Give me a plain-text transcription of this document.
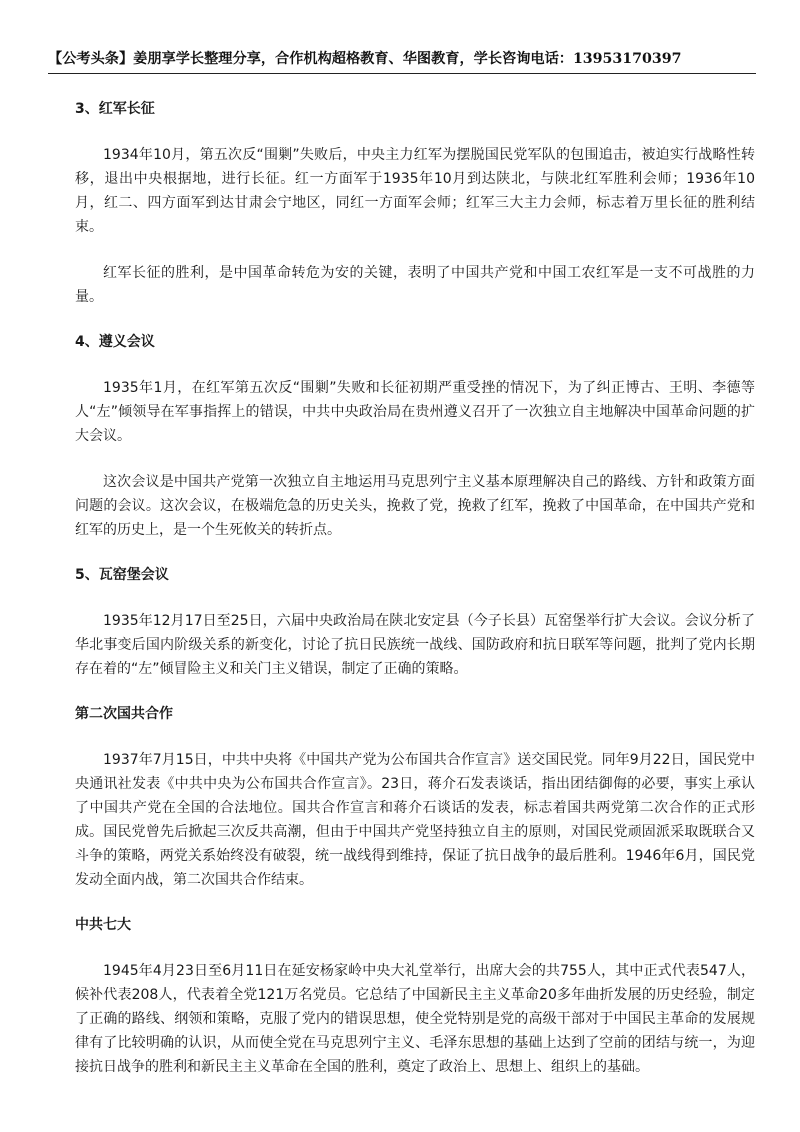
【公考头条】姜朋享学长整理分享，合作机构超格教育、华图教育，学长咨询电话：13953170397
3、红军长征

1934年10月，第五次反“围剿”失败后，中央主力红军为摆脱国民党军队的包围追击，被迫实行战略性转移，退出中央根据地，进行长征。红一方面军于1935年10月到达陕北，与陕北红军胜利会师；1936年10月，红二、四方面军到达甘肃会宁地区，同红一方面军会师；红军三大主力会师，标志着万里长征的胜利结束。

红军长征的胜利，是中国革命转危为安的关键，表明了中国共产党和中国工农红军是一支不可战胜的力量。

4、遵义会议

1935年1月，在红军第五次反“围剿”失败和长征初期严重受挫的情况下，为了纠正博古、王明、李德等人“左”倾领导在军事指挥上的错误，中共中央政治局在贵州遵义召开了一次独立自主地解决中国革命问题的扩大会议。

这次会议是中国共产党第一次独立自主地运用马克思列宁主义基本原理解决自己的路线、方针和政策方面问题的会议。这次会议，在极端危急的历史关头，挽救了党，挽救了红军，挽救了中国革命，在中国共产党和红军的历史上，是一个生死攸关的转折点。

5、瓦窑堡会议

1935年12月17日至25日，六届中央政治局在陕北安定县（今子长县）瓦窑堡举行扩大会议。会议分析了华北事变后国内阶级关系的新变化，讨论了抗日民族统一战线、国防政府和抗日联军等问题，批判了党内长期存在着的“左”倾冒险主义和关门主义错误，制定了正确的策略。

第二次国共合作

1937年7月15日，中共中央将《中国共产党为公布国共合作宣言》送交国民党。同年9月22日，国民党中央通讯社发表《中共中央为公布国共合作宣言》。23日，蒋介石发表谈话，指出团结御侮的必要，事实上承认了中国共产党在全国的合法地位。国共合作宣言和蒋介石谈话的发表，标志着国共两党第二次合作的正式形成。国民党曾先后掀起三次反共高潮，但由于中国共产党坚持独立自主的原则，对国民党顽固派采取既联合又斗争的策略，两党关系始终没有破裂，统一战线得到维持，保证了抗日战争的最后胜利。1946年6月，国民党发动全面内战，第二次国共合作结束。

中共七大

1945年4月23日至6月11日在延安杨家岭中央大礼堂举行，出席大会的共755人，其中正式代表547人，候补代表208人，代表着全党121万名党员。它总结了中国新民主主义革命20多年曲折发展的历史经验，制定了正确的路线、纲领和策略，克服了党内的错误思想，使全党特别是党的高级干部对于中国民主革命的发展规律有了比较明确的认识，从而使全党在马克思列宁主义、毛泽东思想的基础上达到了空前的团结与统一，为迎接抗日战争的胜利和新民主主义革命在全国的胜利，奠定了政治上、思想上、组织上的基础。
